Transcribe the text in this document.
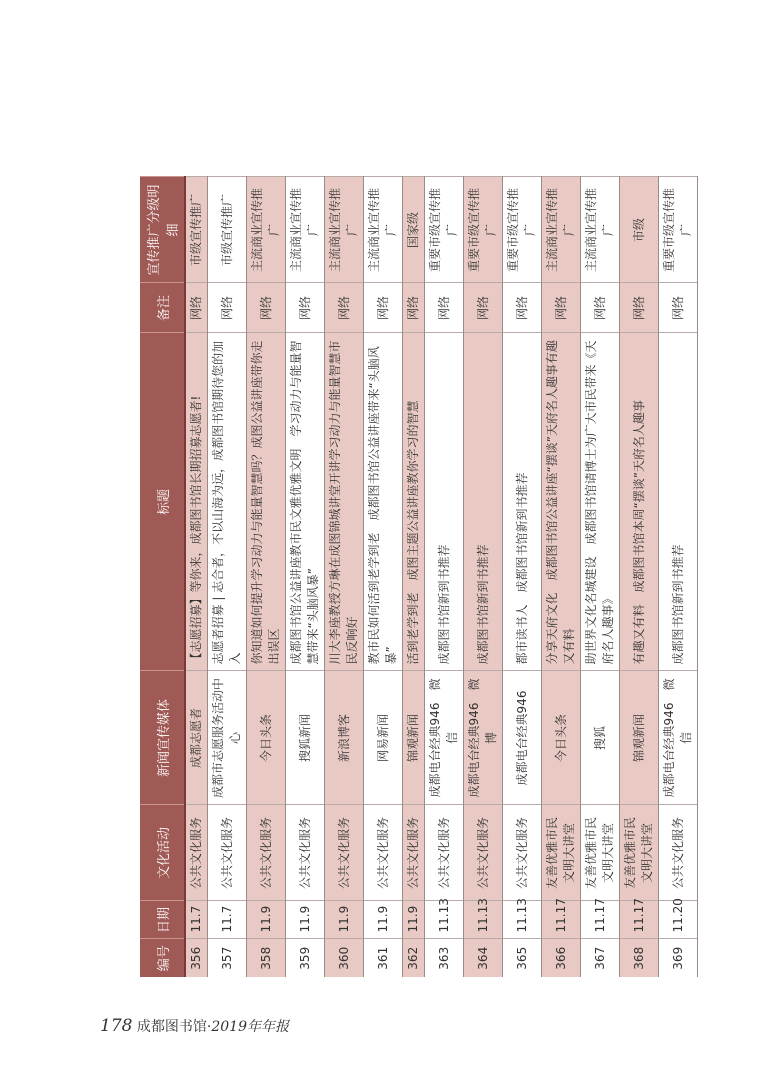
编号	日期	文化活动	新闻宣传媒体	标题	备注	宣传推广分级明细
356	11.7	公共文化服务	成都志愿者	【志愿招募】等你来，成都图书馆长期招募志愿者!	网络	市级宣传推广
357	11.7	公共文化服务	成都市志愿服务活动中心	志愿者招募 | 志合者，不以山海为远，成都图书馆期待您的加入	网络	市级宣传推广
358	11.9	公共文化服务	今日头条	你知道如何提升学习动力与能量智慧吗？成图公益讲座带你走出误区	网络	主流商业宣传推广
359	11.9	公共文化服务	搜狐新闻	成都图书馆公益讲座教市民文雅优雅文明　学习动力与能量智慧带来“头脑风暴”	网络	主流商业宣传推广
360	11.9	公共文化服务	新浪博客	川大李座教授方琳在成图锦城讲堂开讲学习动力与能量智慧市民反响好	网络	主流商业宣传推广
361	11.9	公共文化服务	网易新闻	教市民如何活到老学到老　成都图书馆公益讲座带来“头脑风暴”	网络	主流商业宣传推广
362	11.9	公共文化服务	锦观新闻	活到老学到老　成图主题公益讲座教你学习的智慧	网络	国家级
363	11.13	公共文化服务	成都电台经典946　微信	成都图书馆新到书推荐	网络	重要市级宣传推广
364	11.13	公共文化服务	成都电台经典946　微博	成都图书馆新到书推荐	网络	重要市级宣传推广
365	11.13	公共文化服务	成都电台经典946	都市读书人　成都图书馆新到书推荐	网络	重要市级宣传推广
366	11.17	友善优雅市民文明大讲堂	今日头条	分享天府文化　成都图书馆公益讲座“摆谈”天府名人趣事有趣又有料	网络	主流商业宣传推广
367	11.17	友善优雅市民文明大讲堂	搜狐	助世界文化名城建设　成都图书馆请博士为广大市民带来《天府名人趣事》	网络	主流商业宣传推广
368	11.17	友善优雅市民文明大讲堂	锦观新闻	有趣又有料　成都图书馆本周“摆谈”天府名人趣事	网络	市级
369	11.20	公共文化服务	成都电台经典946　微信	成都图书馆新到书推荐	网络	重要市级宣传推广
178 成都图书馆·2019年年报
